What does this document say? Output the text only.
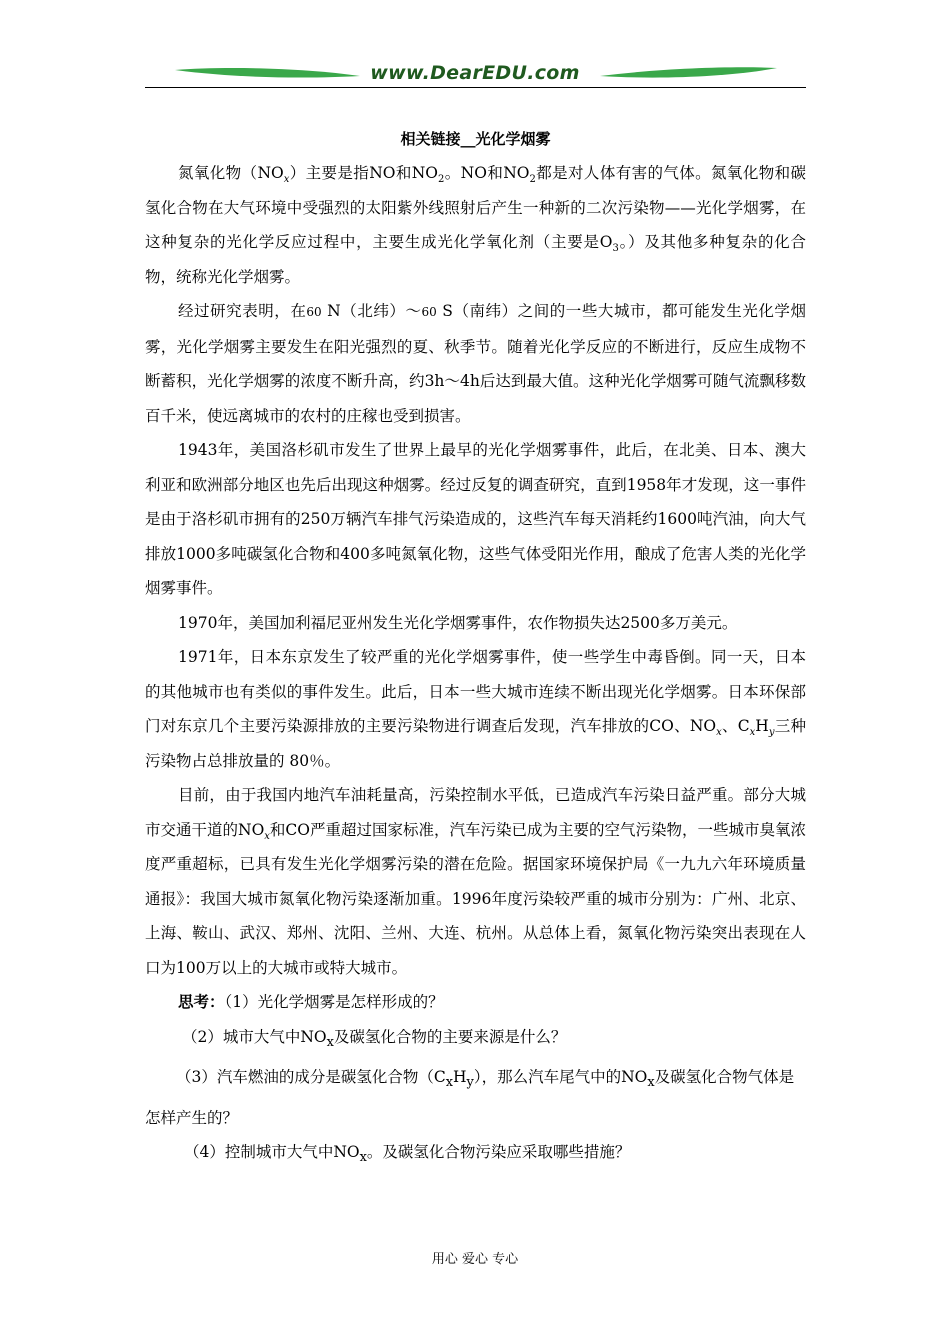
www.DearEDU.com
相关链接__光化学烟雾

氮氧化物$(NO_x)$主要是指NO和$NO_2$。NO和$NO_2$都是对人体有害的气体。氮氧化物和碳氢化合物在大气环境中受强烈的太阳紫外线照射后产生一种新的二次污染物——光化学烟雾，在这种复杂的光化学反应过程中，主要生成光化学氧化剂（主要是$O_3$。）及其他多种复杂的化合物，统称光化学烟雾。

经过研究表明，在60 N（北纬）～60 S（南纬）之间的一些大城市，都可能发生光化学烟雾，光化学烟雾主要发生在阳光强烈的夏、秋季节。随着光化学反应的不断进行，反应生成物不断蓄积，光化学烟雾的浓度不断升高，约3h～4h后达到最大值。这种光化学烟雾可随气流飘移数百千米，使远离城市的农村的庄稼也受到损害。

1943年，美国洛杉矶市发生了世界上最早的光化学烟雾事件，此后，在北美、日本、澳大利亚和欧洲部分地区也先后出现这种烟雾。经过反复的调查研究，直到1958年才发现，这一事件是由于洛杉矶市拥有的250万辆汽车排气污染造成的，这些汽车每天消耗约1600吨汽油，向大气排放1000多吨碳氢化合物和400多吨氮氧化物，这些气体受阳光作用，酿成了危害人类的光化学烟雾事件。

1970年，美国加利福尼亚州发生光化学烟雾事件，农作物损失达2500多万美元。

1971年，日本东京发生了较严重的光化学烟雾事件，使一些学生中毒昏倒。同一天，日本的其他城市也有类似的事件发生。此后，日本一些大城市连续不断出现光化学烟雾。日本环保部门对东京几个主要污染源排放的主要污染物进行调查后发现，汽车排放的CO、$NO_x$、$C_xH_y$三种污染物占总排放量的 80％。

目前，由于我国内地汽车油耗量高，污染控制水平低，已造成汽车污染日益严重。部分大城市交通干道的$NO_x$和CO严重超过国家标准，汽车污染已成为主要的空气污染物，一些城市臭氧浓度严重超标，已具有发生光化学烟雾污染的潜在危险。据国家环境保护局《一九九六年环境质量通报》：我国大城市氮氧化物污染逐渐加重。1996年度污染较严重的城市分别为：广州、北京、上海、鞍山、武汉、郑州、沈阳、兰州、大连、杭州。从总体上看，氮氧化物污染突出表现在人口为100万以上的大城市或特大城市。

思考：（1）光化学烟雾是怎样形成的？

（2）城市大气中$NO_x$及碳氢化合物的主要来源是什么？

（3）汽车燃油的成分是碳氢化合物$(C_xH_y)$，那么汽车尾气中的$NO_x$及碳氢化合物气体是怎样产生的？

（4）控制城市大气中$NO_x$。及碳氢化合物污染应采取哪些措施？

用心 爱心 专心
